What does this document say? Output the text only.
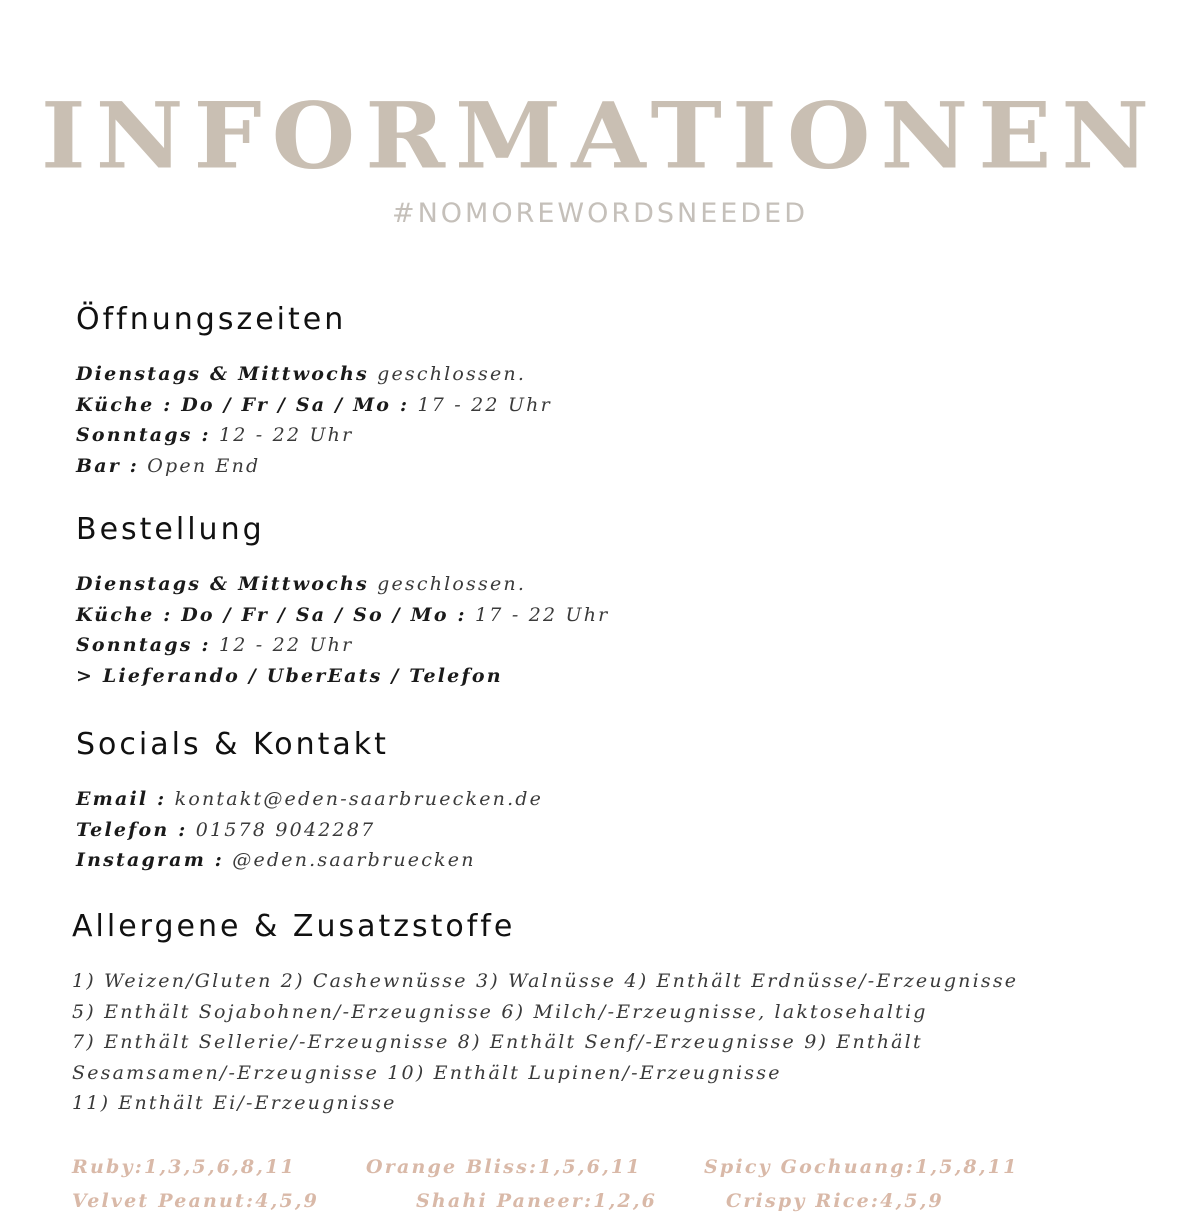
INFORMATIONEN
#NOMOREWORDSNEEDED
Öffnungszeiten
Dienstags & Mittwochs geschlossen.
Küche : Do / Fr / Sa / Mo : 17 - 22 Uhr
Sonntags : 12 - 22 Uhr
Bar : Open End
Bestellung
Dienstags & Mittwochs geschlossen.
Küche : Do / Fr / Sa / So / Mo : 17 - 22 Uhr
Sonntags : 12 - 22 Uhr
> Lieferando / UberEats / Telefon
Socials & Kontakt
Email : kontakt@eden-saarbruecken.de
Telefon : 01578 9042287
Instagram : @eden.saarbruecken
Allergene & Zusatzstoffe
1) Weizen/Gluten 2) Cashewnüsse 3) Walnüsse 4) Enthält Erdnüsse/-Erzeugnisse
5) Enthält Sojabohnen/-Erzeugnisse 6) Milch/-Erzeugnisse, laktosehaltig
7) Enthält Sellerie/-Erzeugnisse 8) Enthält Senf/-Erzeugnisse 9) Enthält
Sesamsamen/-Erzeugnisse 10) Enthält Lupinen/-Erzeugnisse
11) Enthält Ei/-Erzeugnisse
Ruby:1,3,5,6,8,11	Orange Bliss:1,5,6,11	Spicy Gochuang:1,5,8,11
Velvet Peanut:4,5,9	Shahi Paneer:1,2,6	Crispy Rice:4,5,9
